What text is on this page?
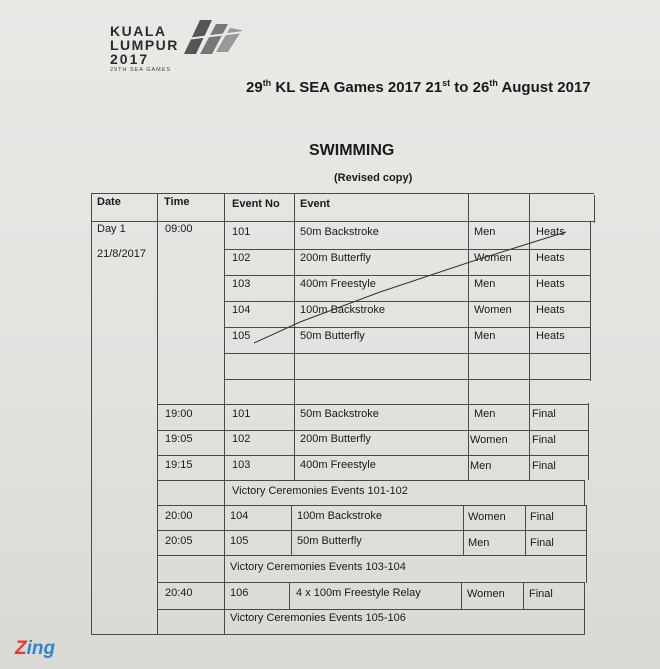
KUALA
LUMPUR
2017
29TH SEA GAMES
29th KL SEA Games 2017 21st to 26th August 2017
SWIMMING
(Revised copy)
Date	Time	Event No Event
Day 1
21/8/2017
09:00	101	50m Backstroke	Men	Heats
102	200m Butterfly	Women Heats
103	400m Freestyle	Men	Heats
104	100m Backstroke	Women Heats
105	50m Butterfly	Men	Heats
19:00	101	50m Backstroke	Men	Final
19:05	102	200m Butterfly	Women Final
19:15	103	400m Freestyle	Men	Final
Victory Ceremonies Events 101-102
20:00	104	100m Backstroke	Women Final
20:05	105	50m Butterfly	Men	Final
Victory Ceremonies Events 103-104
20:40	106	4 x 100m Freestyle Relay	Women Final
Victory Ceremonies Events 105-106
Zing
